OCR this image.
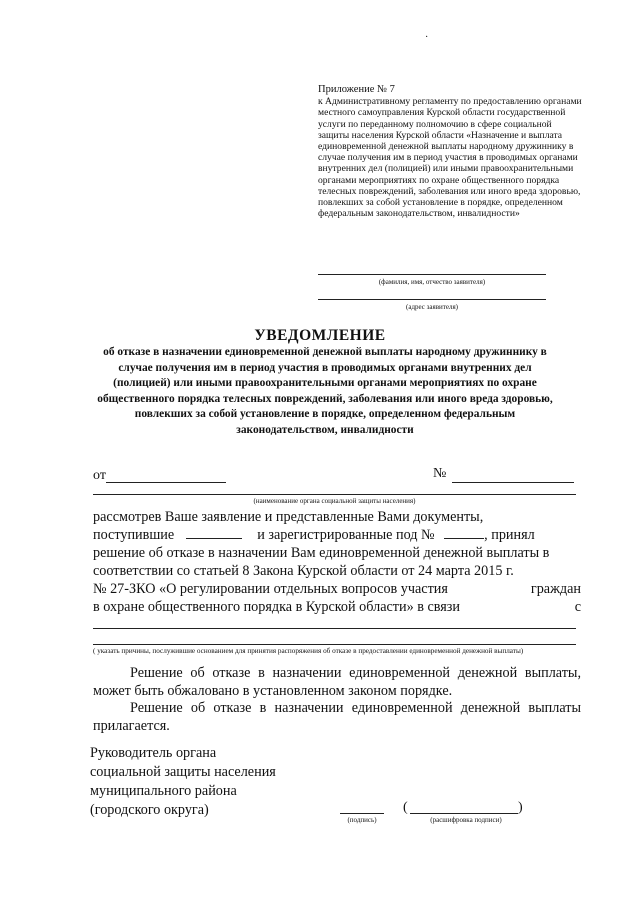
·
Приложение № 7
к Административному регламенту по предоставлению органами местного самоуправления Курской области государственной услуги по переданному полномочию в сфере социальной защиты населения Курской области «Назначение и выплата единовременной денежной выплаты народному дружиннику в случае получения им в период участия в проводимых органами внутренних дел (полицией) или иными правоохранительными органами мероприятиях по охране общественного порядка телесных повреждений, заболевания или иного вреда здоровью, повлекших за собой установление в порядке, определенном федеральным законодательством, инвалидности»
(фамилия, имя, отчество заявителя)
(адрес заявителя)
УВЕДОМЛЕНИЕ
об отказе в назначении единовременной денежной выплаты народному дружиннику в случае получения им в период участия в проводимых органами внутренних дел (полицией) или иными правоохранительными органами мероприятиях по охране общественного порядка телесных повреждений, заболевания или иного вреда здоровью, повлекших за собой установление в порядке, определенном федеральным законодательством, инвалидности
от	№
(наименование органа социальной защиты населения)
рассмотрев Ваше заявление и представленные Вами документы,
поступившие	и зарегистрированные под №	, принял
решение об отказе в назначении Вам единовременной денежной выплаты в
соответствии со статьей 8 Закона Курской области от 24 марта 2015 г.
№ 27-ЗКО «О регулировании отдельных вопросов участия	граждан
в охране общественного порядка в Курской области» в связи	с
( указать причины, послужившие основанием для принятия распоряжения об отказе в предоставлении единовременной денежной выплаты)
Решение об отказе в назначении единовременной денежной выплаты, может быть обжаловано в установленном законом порядке.
Решение об отказе в назначении единовременной денежной выплаты прилагается.
Руководитель органа
социальной защиты населения
муниципального района
(городского округа)
(подпись)
(	)
(расшифровка подписи)
